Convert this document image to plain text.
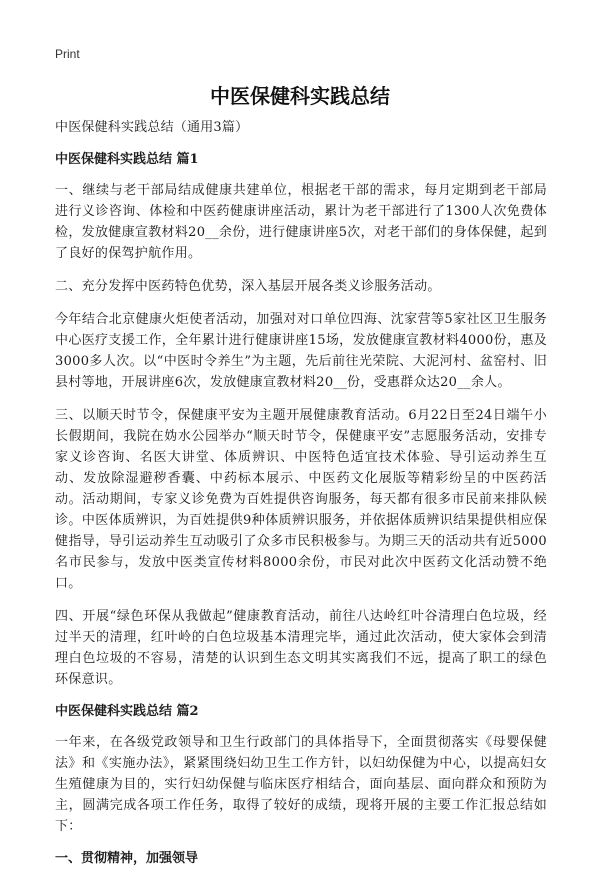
Print
中医保健科实践总结

中医保健科实践总结（通用3篇）

中医保健科实践总结 篇1

一、继续与老干部局结成健康共建单位，根据老干部的需求，每月定期到老干部局进行义诊咨询、体检和中医药健康讲座活动，累计为老干部进行了1300人次免费体检，发放健康宣教材料20__余份，进行健康讲座5次，对老干部们的身体保健，起到了良好的保驾护航作用。

二、充分发挥中医药特色优势，深入基层开展各类义诊服务活动。

今年结合北京健康火炬使者活动，加强对对口单位四海、沈家营等5家社区卫生服务中心医疗支援工作，全年累计进行健康讲座15场，发放健康宣教材料4000份，惠及3000多人次。以“中医时令养生”为主题，先后前往光荣院、大泥河村、盆窑村、旧县村等地，开展讲座6次，发放健康宣教材料20__份，受惠群众达20__余人。

三、以顺天时节令，保健康平安为主题开展健康教育活动。6月22日至24日端午小长假期间，我院在妫水公园举办“顺天时节令，保健康平安”志愿服务活动，安排专家义诊咨询、名医大讲堂、体质辨识、中医特色适宜技术体验、导引运动养生互动、发放除湿避秽香囊、中药标本展示、中医药文化展版等精彩纷呈的中医药活动。活动期间，专家义诊免费为百姓提供咨询服务，每天都有很多市民前来排队候诊。中医体质辨识，为百姓提供9种体质辨识服务，并依据体质辨识结果提供相应保健指导，导引运动养生互动吸引了众多市民积极参与。为期三天的活动共有近5000名市民参与，发放中医类宣传材料8000余份，市民对此次中医药文化活动赞不绝口。

四、开展“绿色环保从我做起”健康教育活动，前往八达岭红叶谷清理白色垃圾，经过半天的清理，红叶岭的白色垃圾基本清理完毕，通过此次活动，使大家体会到清理白色垃圾的不容易，清楚的认识到生态文明其实离我们不远，提高了职工的绿色环保意识。

中医保健科实践总结 篇2

一年来，在各级党政领导和卫生行政部门的具体指导下，全面贯彻落实《母婴保健法》和《实施办法》，紧紧围绕妇幼卫生工作方针，以妇幼保健为中心，以提高妇女生殖健康为目的，实行妇幼保健与临床医疗相结合，面向基层、面向群众和预防为主，圆满完成各项工作任务，取得了较好的成绩，现将开展的主要工作汇报总结如下：

一、贯彻精神，加强领导
